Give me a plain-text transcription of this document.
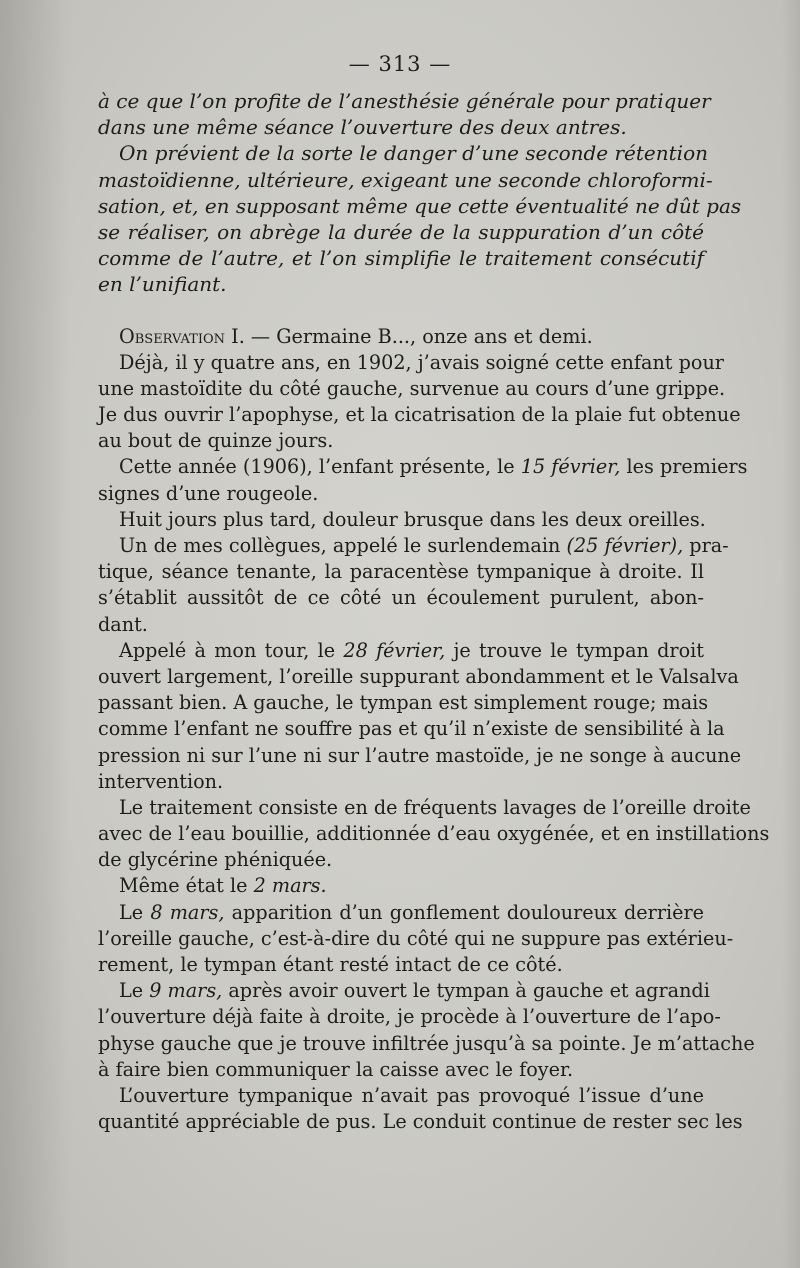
— 313 —
à ce que l’on profite de l’anesthésie générale pour pratiquer
dans une même séance l’ouverture des deux antres.
On prévient de la sorte le danger d’une seconde rétention
mastoïdienne, ultérieure, exigeant une seconde chloroformi-
sation, et, en supposant même que cette éventualité ne dût pas
se réaliser, on abrège la durée de la suppuration d’un côté
comme de l’autre, et l’on simplifie le traitement consécutif
en l’unifiant.
Observation I. — Germaine B..., onze ans et demi.
Déjà, il y quatre ans, en 1902, j’avais soigné cette enfant pour
une mastoïdite du côté gauche, survenue au cours d’une grippe.
Je dus ouvrir l’apophyse, et la cicatrisation de la plaie fut obtenue
au bout de quinze jours.
Cette année (1906), l’enfant présente, le 15 février, les premiers
signes d’une rougeole.
Huit jours plus tard, douleur brusque dans les deux oreilles.
Un de mes collègues, appelé le surlendemain (25 février), pra-
tique, séance tenante, la paracentèse tympanique à droite. Il
s’établit aussitôt de ce côté un écoulement purulent, abon-
dant.
Appelé à mon tour, le 28 février, je trouve le tympan droit
ouvert largement, l’oreille suppurant abondamment et le Valsalva
passant bien. A gauche, le tympan est simplement rouge; mais
comme l’enfant ne souffre pas et qu’il n’existe de sensibilité à la
pression ni sur l’une ni sur l’autre mastoïde, je ne songe à aucune
intervention.
Le traitement consiste en de fréquents lavages de l’oreille droite
avec de l’eau bouillie, additionnée d’eau oxygénée, et en instillations
de glycérine phéniquée.
Même état le 2 mars.
Le 8 mars, apparition d’un gonflement douloureux derrière
l’oreille gauche, c’est-à-dire du côté qui ne suppure pas extérieu-
rement, le tympan étant resté intact de ce côté.
Le 9 mars, après avoir ouvert le tympan à gauche et agrandi
l’ouverture déjà faite à droite, je procède à l’ouverture de l’apo-
physe gauche que je trouve infiltrée jusqu’à sa pointe. Je m’attache
à faire bien communiquer la caisse avec le foyer.
L’ouverture tympanique n’avait pas provoqué l’issue d’une
quantité appréciable de pus. Le conduit continue de rester sec les
